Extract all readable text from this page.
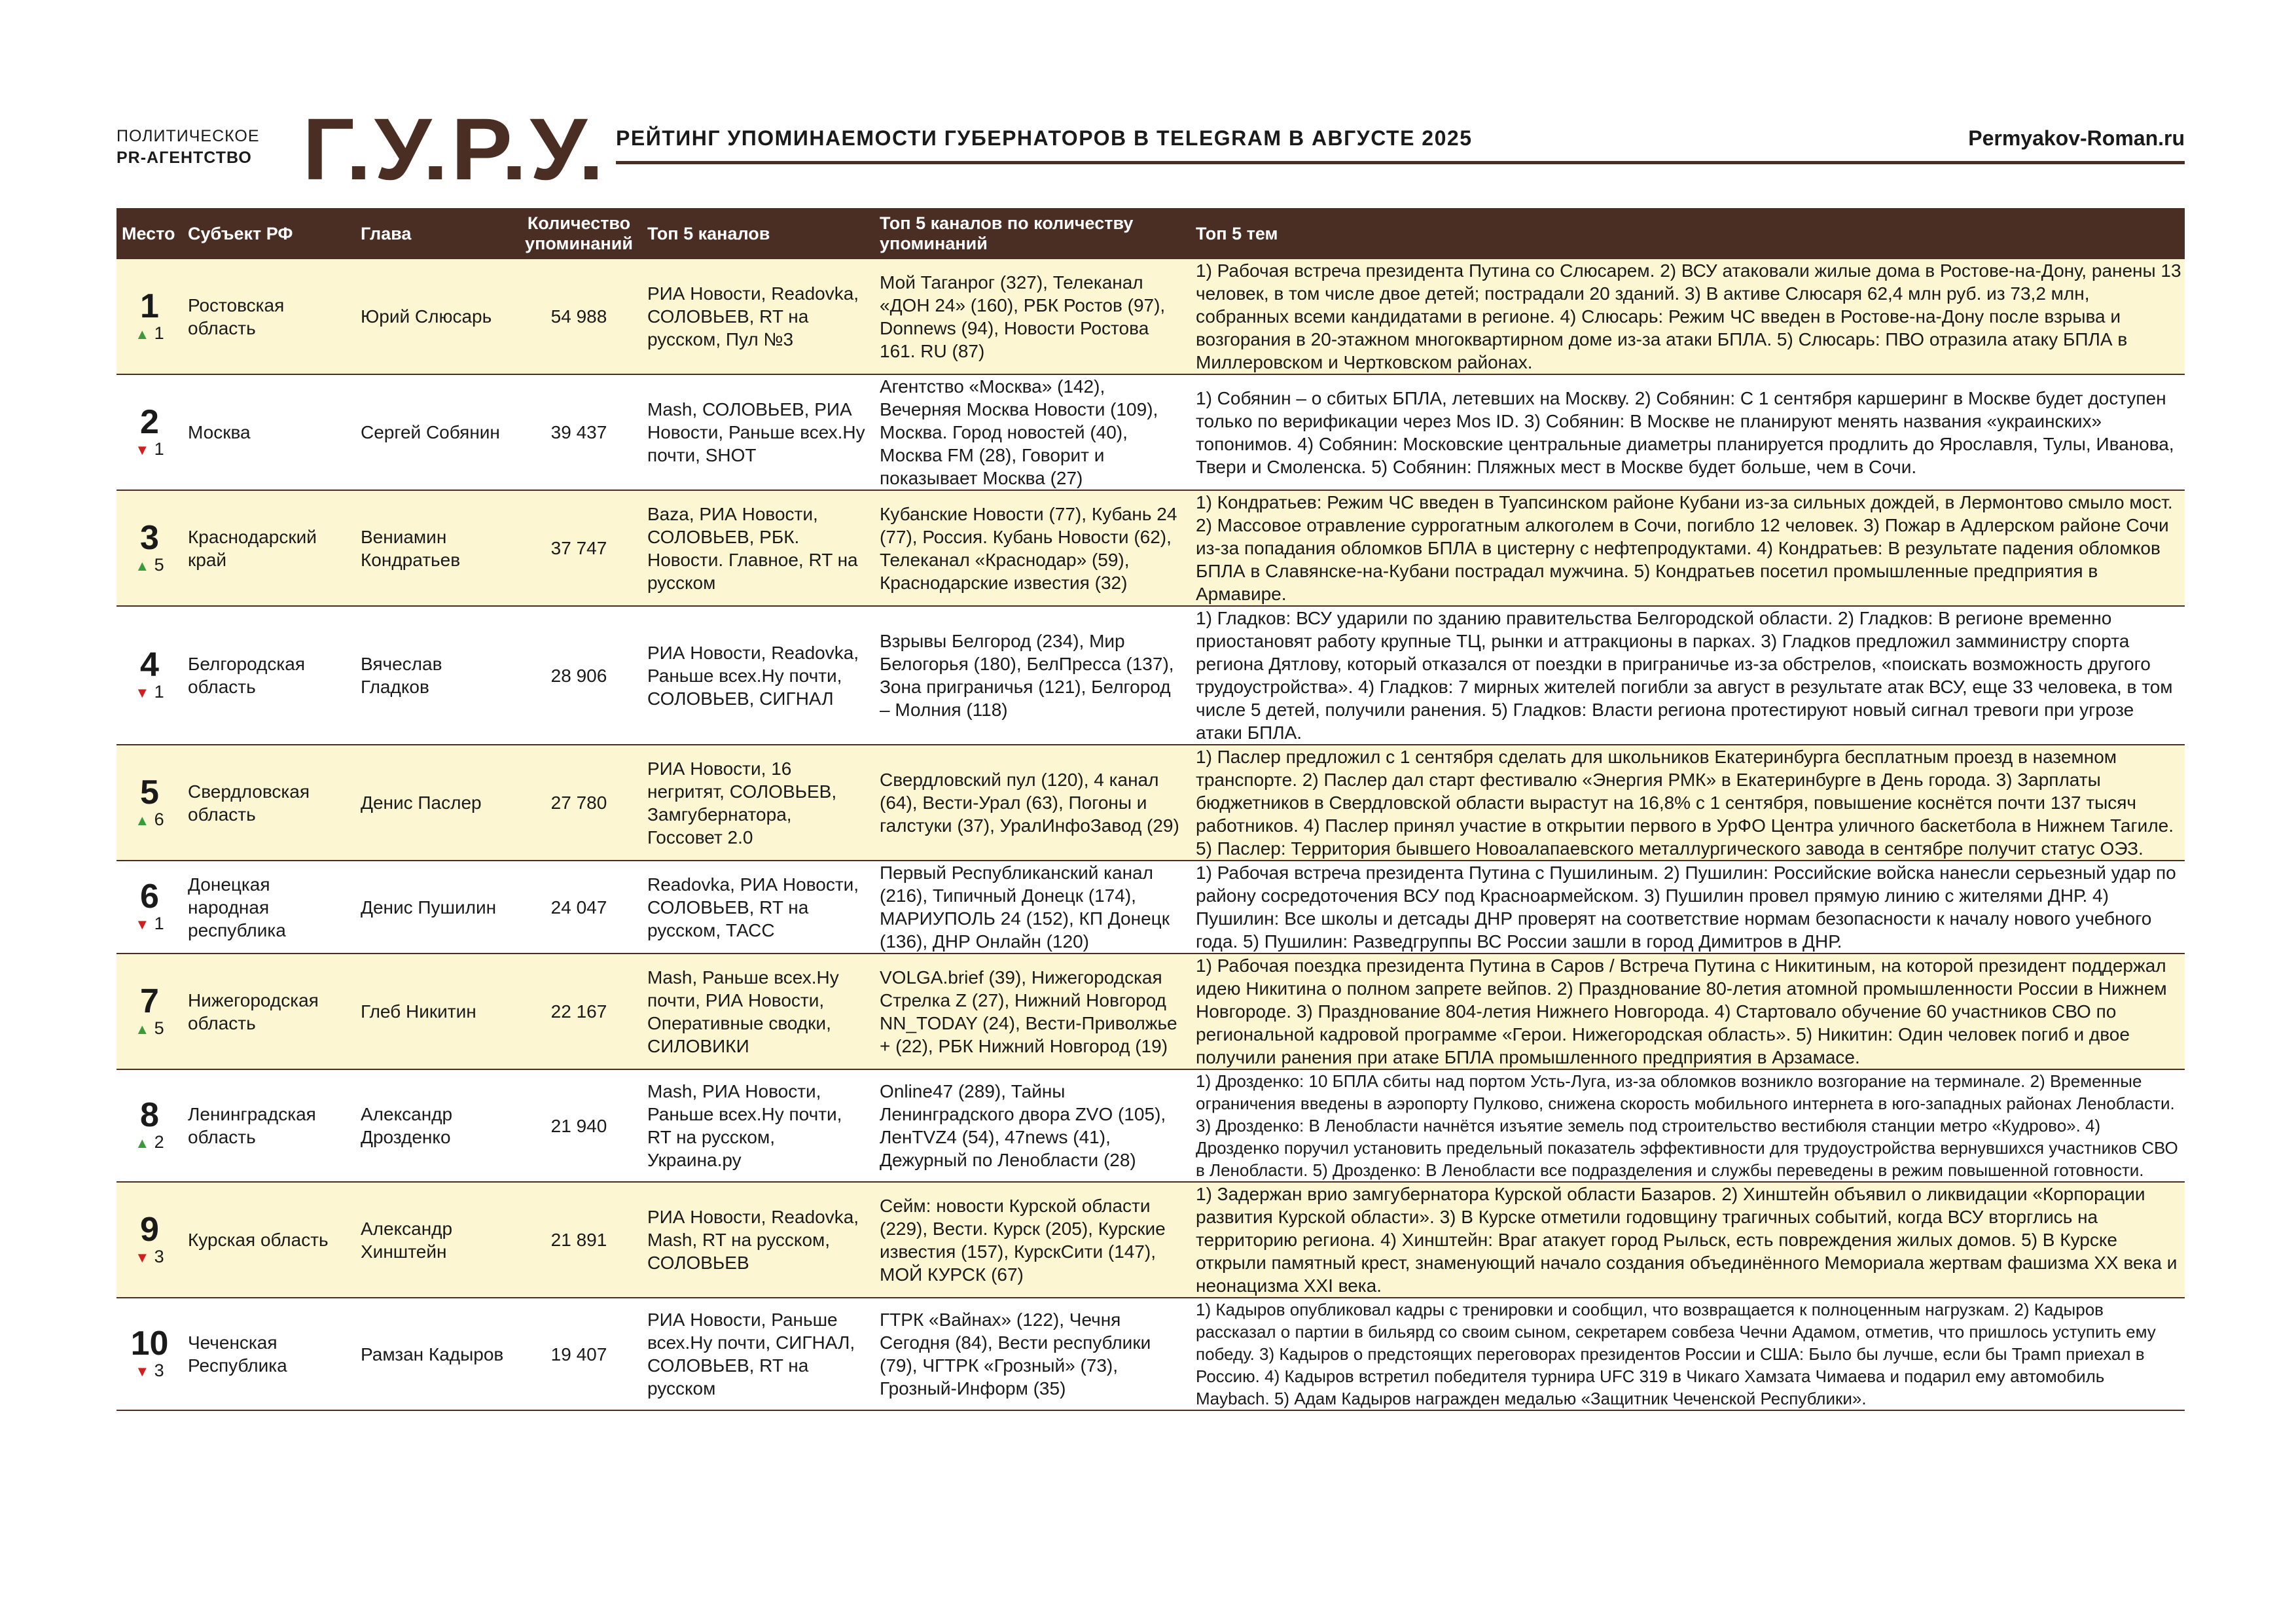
ПОЛИТИЧЕСКОЕ
PR-АГЕНТСТВО Г.У.Р.У. РЕЙТИНГ УПОМИНАЕМОСТИ ГУБЕРНАТОРОВ В TELEGRAM В АВГУСТЕ 2025	Permyakov-Roman.ru
Место	Субъект РФ	Глава	Количество упоминаний	Топ 5 каналов	Топ 5 каналов по количеству упоминаний	Топ 5 тем

1
▲ 1	Ростовская область	Юрий Слюсарь	54 988	РИА Новости, Readovka, СОЛОВЬЕВ, RT на русском, Пул №3	Мой Таганрог (327), Телеканал «ДОН 24» (160), РБК Ростов (97), Donnews (94), Новости Ростова 161. RU (87)	1) Рабочая встреча президента Путина со Слюсарем. 2) ВСУ атаковали жилые дома в Ростове-на-Дону, ранены 13 человек, в том числе двое детей; пострадали 20 зданий. 3) В активе Слюсаря 62,4 млн руб. из 73,2 млн, собранных всеми кандидатами в регионе. 4) Слюсарь: Режим ЧС введен в Ростове-на-Дону после взрыва и возгорания в 20-этажном многоквартирном доме из-за атаки БПЛА. 5) Слюсарь: ПВО отразила атаку БПЛА в Миллеровском и Чертковском районах.

2
▼ 1	Москва	Сергей Собянин	39 437	Mash, СОЛОВЬЕВ, РИА Новости, Раньше всех.Ну почти, SHOT	Агентство «Москва» (142), Вечерняя Москва Новости (109), Москва. Город новостей (40), Москва FM (28), Говорит и показывает Москва (27)	1) Собянин – о сбитых БПЛА, летевших на Москву. 2) Собянин: С 1 сентября каршеринг в Москве будет доступен только по верификации через Mos ID. 3) Собянин: В Москве не планируют менять названия «украинских» топонимов. 4) Собянин: Московские центральные диаметры планируется продлить до Ярославля, Тулы, Иванова, Твери и Смоленска. 5) Собянин: Пляжных мест в Москве будет больше, чем в Сочи.

3
▲ 5	Краснодарский край	Вениамин Кондратьев	37 747	Baza, РИА Новости, СОЛОВЬЕВ, РБК. Новости. Главное, RT на русском	Кубанские Новости (77), Кубань 24 (77), Россия. Кубань Новости (62), Телеканал «Краснодар» (59), Краснодарские известия (32)	1) Кондратьев: Режим ЧС введен в Туапсинском районе Кубани из-за сильных дождей, в Лермонтово смыло мост. 2) Массовое отравление суррогатным алкоголем в Сочи, погибло 12 человек. 3) Пожар в Адлерском районе Сочи из-за попадания обломков БПЛА в цистерну с нефтепродуктами. 4) Кондратьев: В результате падения обломков БПЛА в Славянске-на-Кубани пострадал мужчина. 5) Кондратьев посетил промышленные предприятия в Армавире.

4
▼ 1	Белгородская область	Вячеслав Гладков	28 906	РИА Новости, Readovka, Раньше всех.Ну почти, СОЛОВЬЕВ, СИГНАЛ	Взрывы Белгород (234), Мир Белогорья (180), БелПресса (137), Зона приграничья (121), Белгород – Молния (118)	1) Гладков: ВСУ ударили по зданию правительства Белгородской области. 2) Гладков: В регионе временно приостановят работу крупные ТЦ, рынки и аттракционы в парках. 3) Гладков предложил замминистру спорта региона Дятлову, который отказался от поездки в приграничье из-за обстрелов, «поискать возможность другого трудоустройства». 4) Гладков: 7 мирных жителей погибли за август в результате атак ВСУ, еще 33 человека, в том числе 5 детей, получили ранения. 5) Гладков: Власти региона протестируют новый сигнал тревоги при угрозе атаки БПЛА.

5
▲ 6	Свердловская область	Денис Паслер	27 780	РИА Новости, 16 негритят, СОЛОВЬЕВ, Замгубернатора, Госсовет 2.0	Свердловский пул (120), 4 канал (64), Вести-Урал (63), Погоны и галстуки (37), УралИнфоЗавод (29)	1) Паслер предложил с 1 сентября сделать для школьников Екатеринбурга бесплатным проезд в наземном транспорте. 2) Паслер дал старт фестивалю «Энергия РМК» в Екатеринбурге в День города. 3) Зарплаты бюджетников в Свердловской области вырастут на 16,8% с 1 сентября, повышение коснётся почти 137 тысяч работников. 4) Паслер принял участие в открытии первого в УрФО Центра уличного баскетбола в Нижнем Тагиле. 5) Паслер: Территория бывшего Новоалапаевского металлургического завода в сентябре получит статус ОЭЗ.

6
▼ 1	Донецкая народная республика	Денис Пушилин	24 047	Readovka, РИА Новости, СОЛОВЬЕВ, RT на русском, ТАСС	Первый Республиканский канал (216), Типичный Донецк (174), МАРИУПОЛЬ 24 (152), КП Донецк (136), ДНР Онлайн (120)	1) Рабочая встреча президента Путина с Пушилиным. 2) Пушилин: Российские войска нанесли серьезный удар по району сосредоточения ВСУ под Красноармейском. 3) Пушилин провел прямую линию с жителями ДНР. 4) Пушилин: Все школы и детсады ДНР проверят на соответствие нормам безопасности к началу нового учебного года. 5) Пушилин: Разведгруппы ВС России зашли в город Димитров в ДНР.

7
▲ 5	Нижегородская область	Глеб Никитин	22 167	Mash, Раньше всех.Ну почти, РИА Новости, Оперативные сводки, СИЛОВИКИ	VOLGA.brief (39), Нижегородская Стрелка Z (27), Нижний Новгород NN_TODAY (24), Вести-Приволжье + (22), РБК Нижний Новгород (19)	1) Рабочая поездка президента Путина в Саров / Встреча Путина с Никитиным, на которой президент поддержал идею Никитина о полном запрете вейпов. 2) Празднование 80-летия атомной промышленности России в Нижнем Новгороде. 3) Празднование 804-летия Нижнего Новгорода. 4) Стартовало обучение 60 участников СВО по региональной кадровой программе «Герои. Нижегородская область». 5) Никитин: Один человек погиб и двое получили ранения при атаке БПЛА промышленного предприятия в Арзамасе.

8
▲ 2	Ленинградская область	Александр Дрозденко	21 940	Mash, РИА Новости, Раньше всех.Ну почти, RT на русском, Украина.ру	Online47 (289), Тайны Ленинградского двора ZVO (105), ЛенTVZ4 (54), 47news (41), Дежурный по Ленобласти (28)	1) Дрозденко: 10 БПЛА сбиты над портом Усть-Луга, из-за обломков возникло возгорание на терминале. 2) Временные ограничения введены в аэропорту Пулково, снижена скорость мобильного интернета в юго-западных районах Ленобласти. 3) Дрозденко: В Ленобласти начнётся изъятие земель под строительство вестибюля станции метро «Кудрово». 4) Дрозденко поручил установить предельный показатель эффективности для трудоустройства вернувшихся участников СВО в Ленобласти. 5) Дрозденко: В Ленобласти все подразделения и службы переведены в режим повышенной готовности.

9
▼ 3	Курская область	Александр Хинштейн	21 891	РИА Новости, Readovka, Mash, RT на русском, СОЛОВЬЕВ	Сейм: новости Курской области (229), Вести. Курск (205), Курские известия (157), КурскСити (147), МОЙ КУРСК (67)	1) Задержан врио замгубернатора Курской области Базаров. 2) Хинштейн объявил о ликвидации «Корпорации развития Курской области». 3) В Курске отметили годовщину трагичных событий, когда ВСУ вторглись на территорию региона. 4) Хинштейн: Враг атакует город Рыльск, есть повреждения жилых домов. 5) В Курске открыли памятный крест, знаменующий начало создания объединённого Мемориала жертвам фашизма XX века и неонацизма XXI века.

10
▼ 3	Чеченская Республика	Рамзан Кадыров	19 407	РИА Новости, Раньше всех.Ну почти, СИГНАЛ, СОЛОВЬЕВ, RT на русском	ГТРК «Вайнах» (122), Чечня Сегодня (84), Вести республики (79), ЧГТРК «Грозный» (73), Грозный-Информ (35)	1) Кадыров опубликовал кадры с тренировки и сообщил, что возвращается к полноценным нагрузкам. 2) Кадыров рассказал о партии в бильярд со своим сыном, секретарем совбеза Чечни Адамом, отметив, что пришлось уступить ему победу. 3) Кадыров о предстоящих переговорах президентов России и США: Было бы лучше, если бы Трамп приехал в Россию. 4) Кадыров встретил победителя турнира UFC 319 в Чикаго Хамзата Чимаева и подарил ему автомобиль Maybach. 5) Адам Кадыров награжден медалью «Защитник Чеченской Республики».
